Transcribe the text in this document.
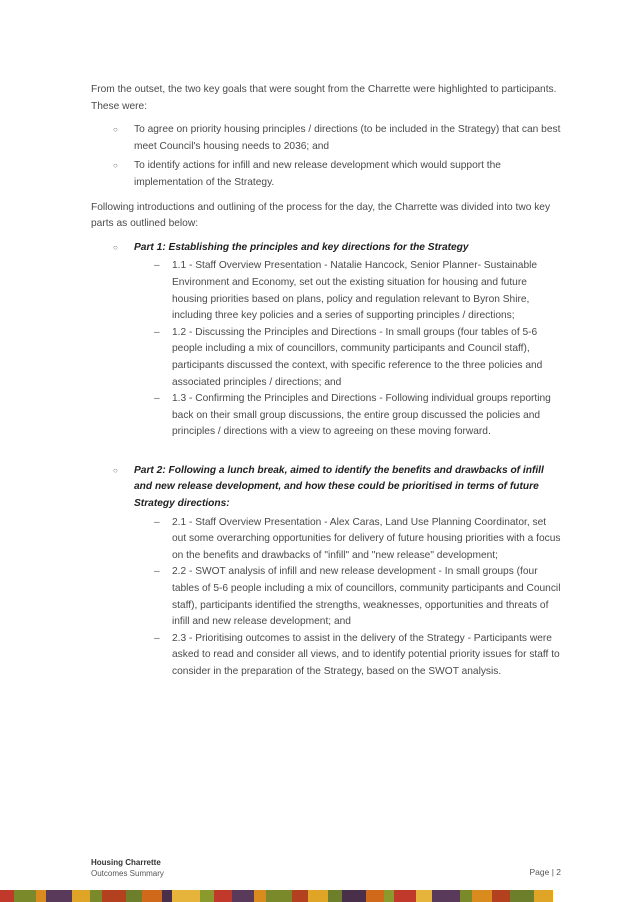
From the outset, the two key goals that were sought from the Charrette were highlighted to participants. These were:

○ To agree on priority housing principles / directions (to be included in the Strategy) that can best meet Council's housing needs to 2036; and
○ To identify actions for infill and new release development which would support the implementation of the Strategy.

Following introductions and outlining of the process for the day, the Charrette was divided into two key parts as outlined below:

○ Part 1: Establishing the principles and key directions for the Strategy
– 1.1 - Staff Overview Presentation - Natalie Hancock, Senior Planner- Sustainable Environment and Economy, set out the existing situation for housing and future housing priorities based on plans, policy and regulation relevant to Byron Shire, including three key policies and a series of supporting principles / directions;
– 1.2 - Discussing the Principles and Directions - In small groups (four tables of 5-6 people including a mix of councillors, community participants and Council staff), participants discussed the context, with specific reference to the three policies and associated principles / directions; and
– 1.3 - Confirming the Principles and Directions - Following individual groups reporting back on their small group discussions, the entire group discussed the policies and principles / directions with a view to agreeing on these moving forward.
○ Part 2: Following a lunch break, aimed to identify the benefits and drawbacks of infill and new release development, and how these could be prioritised in terms of future Strategy directions:
– 2.1 - Staff Overview Presentation - Alex Caras, Land Use Planning Coordinator, set out some overarching opportunities for delivery of future housing priorities with a focus on the benefits and drawbacks of "infill" and "new release" development;
– 2.2 - SWOT analysis of infill and new release development - In small groups (four tables of 5-6 people including a mix of councillors, community participants and Council staff), participants identified the strengths, weaknesses, opportunities and threats of infill and new release development; and
– 2.3 - Prioritising outcomes to assist in the delivery of the Strategy - Participants were asked to read and consider all views, and to identify potential priority issues for staff to consider in the preparation of the Strategy, based on the SWOT analysis.
Housing Charrette
Outcomes Summary	Page | 2
